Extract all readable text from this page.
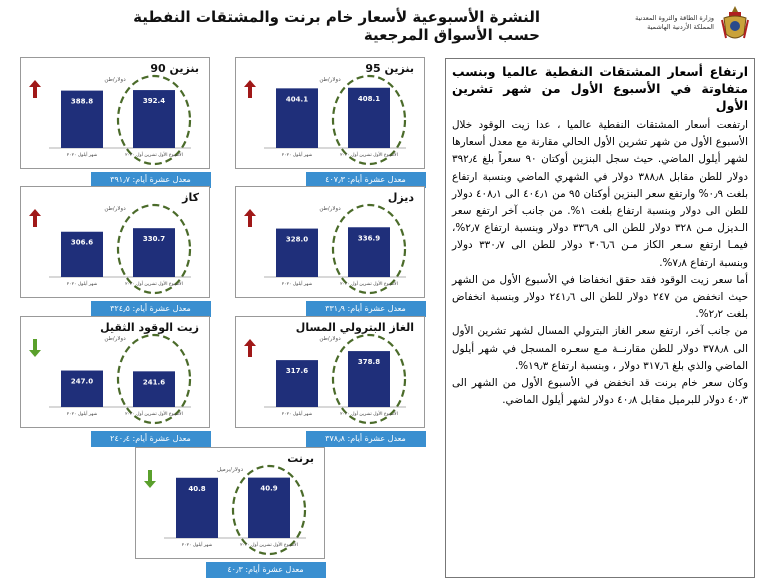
النشرة الأسبوعية لأسعار خام برنت والمشتقات النفطية حسب الأسواق المرجعية
وزارة الطاقة والثروة المعدنية
المملكة الأردنية الهاشمية
ارتفاع أسعار المشتقات النفطية عالميا وبنسب متفاوتة في الأسبوع الأول من شهر تشرين الأول

ارتفعت أسعار المشتقات النفطية عالميا ، عدا زيت الوقود خلال الأسبوع الأول من شهر تشرين الأول الحالي مقارنة مع معدل أسعارها لشهر أيلول الماضي. حيث سجل البنزين أوكتان ٩٠ سعراً بلغ ٣٩٢٫٤ دولار للطن مقابل ٣٨٨٫٨ دولار في الشهري الماضي وبنسبة ارتفاع بلغت ٠٫٩% وارتفع سعر البنزين أوكتان ٩٥ من ٤٠٤٫١ الى ٤٠٨٫١ دولار للطن الى دولار وبنسبة ارتفاع بلغت ١%. من جانب آخر ارتفع سعر الـديزل مـن ٣٢٨ دولار للطن الى ٣٣٦٫٩ دولار وبنسبة ارتفاع ٢٫٧%، فيمـا ارتفع سـعر الكاز مـن ٣٠٦٫٦ دولار للطن الى ٣٣٠٫٧ دولار وبنسبة ارتفاع ٧٫٨%.

أما سعر زيت الوقود فقد حقق انخفاضا في الأسبوع الأول من الشهر حيث انخفض من ٢٤٧ دولار للطن الى ٢٤١٫٦ دولار وبنسبة انخفاض بلغت ٢٫٢%.

من جانب آخر، ارتفع سعر الغاز البترولي المسال لشهر تشرين الأول الى ٣٧٨٫٨ دولار للطن مقارنــة مـع سعـره المسجل في شهر أيلول الماضي والذي بلغ ٣١٧٫٦ دولار ، وبنسبة ارتفاع ١٩٫٣%.

وكان سعر خام برنت قد انخفض في الأسبوع الأول من الشهر الى ٤٠٫٣ دولار للبرميل مقابل ٤٠٫٨ دولار لشهر أيلول الماضي.

بنزين 95
دولار/طن
404.1
شهر أيلول ٢٠٢٠
408.1
الأسبوع الأول تشرين أول ٢٠٢٠
معدل عشرة أيام: ٤٠٧٫٣
بنزين 90
دولار/طن
388.8
شهر أيلول ٢٠٢٠
392.4
الأسبوع الأول تشرين أول ٢٠٢٠
معدل عشرة أيام: ٣٩١٫٧
ديزل
دولار/طن
328.0
شهر أيلول ٢٠٢٠
336.9
الأسبوع الأول تشرين أول ٢٠٢٠
معدل عشرة أيام: ٣٣١٫٩
كاز
دولار/طن
306.6
شهر أيلول ٢٠٢٠
330.7
الأسبوع الأول تشرين أول ٢٠٢٠
معدل عشرة أيام: ٣٢٤٫٥
الغاز البترولي المسال
دولار/طن
317.6
شهر أيلول ٢٠٢٠
378.8
الأسبوع الأول تشرين أول ٢٠٢٠
معدل عشرة أيام: ٣٧٨٫٨
زيت الوقود الثقيل
دولار/طن
247.0
شهر أيلول ٢٠٢٠
241.6
الأسبوع الأول تشرين أول ٢٠٢٠
معدل عشرة أيام: ٢٤٠٫٤
برنت
دولار/برميل
40.8
شهر أيلول ٢٠٢٠
40.9
الأسبوع الأول تشرين أول ٢٠٢٠
معدل عشرة أيام: ٤٠٫٣
